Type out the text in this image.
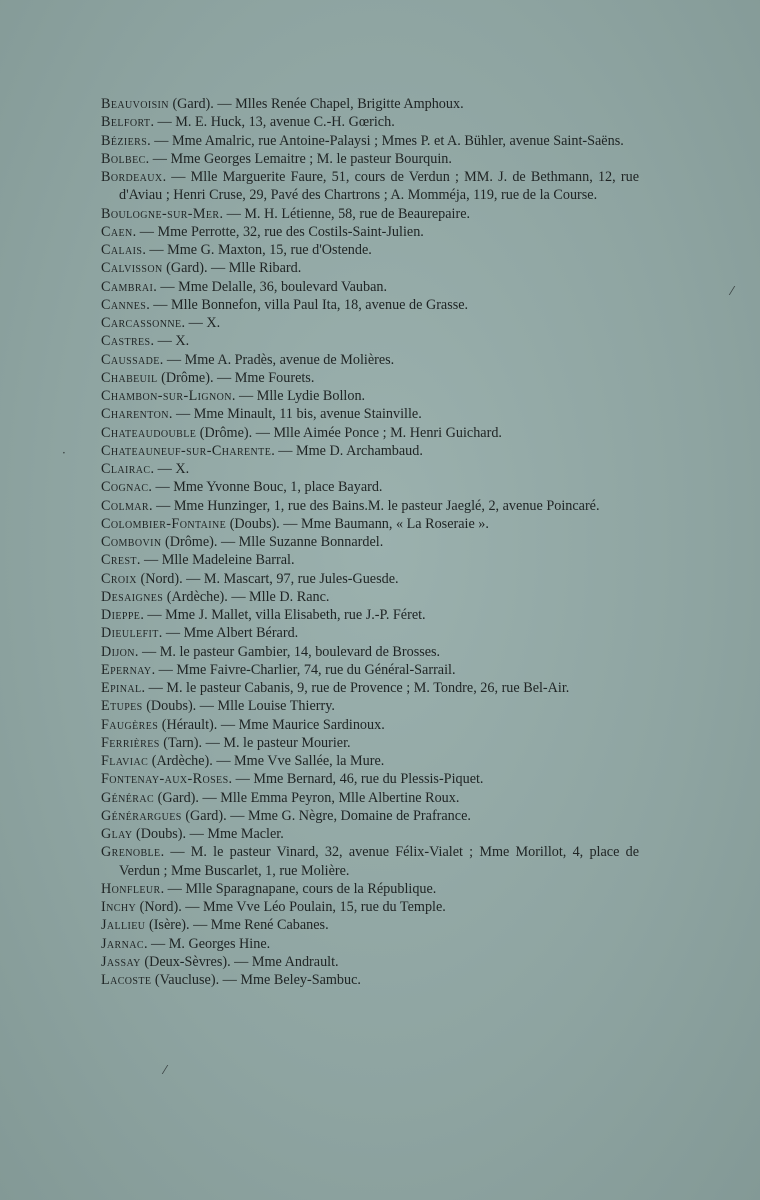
Beauvoisin (Gard). — Mlles Renée Chapel, Brigitte Amphoux.

Belfort. — M. E. Huck, 13, avenue C.-H. Gœrich.

Béziers. — Mme Amalric, rue Antoine-Palaysi ; Mmes P. et A. Bühler, avenue Saint-Saëns.

Bolbec. — Mme Georges Lemaitre ; M. le pasteur Bourquin.

Bordeaux. — Mlle Marguerite Faure, 51, cours de Verdun ; MM. J. de Bethmann, 12, rue d'Aviau ; Henri Cruse, 29, Pavé des Chartrons ; A. Momméja, 119, rue de la Course.

Boulogne-sur-Mer. — M. H. Létienne, 58, rue de Beaurepaire.

Caen. — Mme Perrotte, 32, rue des Costils-Saint-Julien.

Calais. — Mme G. Maxton, 15, rue d'Ostende.

Calvisson (Gard). — Mlle Ribard.

Cambrai. — Mme Delalle, 36, boulevard Vauban.

Cannes. — Mlle Bonnefon, villa Paul Ita, 18, avenue de Grasse.

Carcassonne. — X.

Castres. — X.

Caussade. — Mme A. Pradès, avenue de Molières.

Chabeuil (Drôme). — Mme Fourets.

Chambon-sur-Lignon. — Mlle Lydie Bollon.

Charenton. — Mme Minault, 11 bis, avenue Stainville.

Chateaudouble (Drôme). — Mlle Aimée Ponce ; M. Henri Guichard.

Chateauneuf-sur-Charente. — Mme D. Archambaud.

Clairac. — X.

Cognac. — Mme Yvonne Bouc, 1, place Bayard.

Colmar. — Mme Hunzinger, 1, rue des Bains.M. le pasteur Jaeglé, 2, avenue Poincaré.

Colombier-Fontaine (Doubs). — Mme Baumann, « La Roseraie ».

Combovin (Drôme). — Mlle Suzanne Bonnardel.

Crest. — Mlle Madeleine Barral.

Croix (Nord). — M. Mascart, 97, rue Jules-Guesde.

Desaignes (Ardèche). — Mlle D. Ranc.

Dieppe. — Mme J. Mallet, villa Elisabeth, rue J.-P. Féret.

Dieulefit. — Mme Albert Bérard.

Dijon. — M. le pasteur Gambier, 14, boulevard de Brosses.

Epernay. — Mme Faivre-Charlier, 74, rue du Général-Sarrail.

Epinal. — M. le pasteur Cabanis, 9, rue de Provence ; M. Tondre, 26, rue Bel-Air.

Etupes (Doubs). — Mlle Louise Thierry.

Faugères (Hérault). — Mme Maurice Sardinoux.

Ferrières (Tarn). — M. le pasteur Mourier.

Flaviac (Ardèche). — Mme Vve Sallée, la Mure.

Fontenay-aux-Roses. — Mme Bernard, 46, rue du Plessis-Piquet.

Générac (Gard). — Mlle Emma Peyron, Mlle Albertine Roux.

Générargues (Gard). — Mme G. Nègre, Domaine de Prafrance.

Glay (Doubs). — Mme Macler.

Grenoble. — M. le pasteur Vinard, 32, avenue Félix-Vialet ; Mme Morillot, 4, place de Verdun ; Mme Buscarlet, 1, rue Molière.

Honfleur. — Mlle Sparagnapane, cours de la République.

Inchy (Nord). — Mme Vve Léo Poulain, 15, rue du Temple.

Jallieu (Isère). — Mme René Cabanes.

Jarnac. — M. Georges Hine.

Jassay (Deux-Sèvres). — Mme Andrault.

Lacoste (Vaucluse). — Mme Beley-Sambuc.

⁄
·
⁄
